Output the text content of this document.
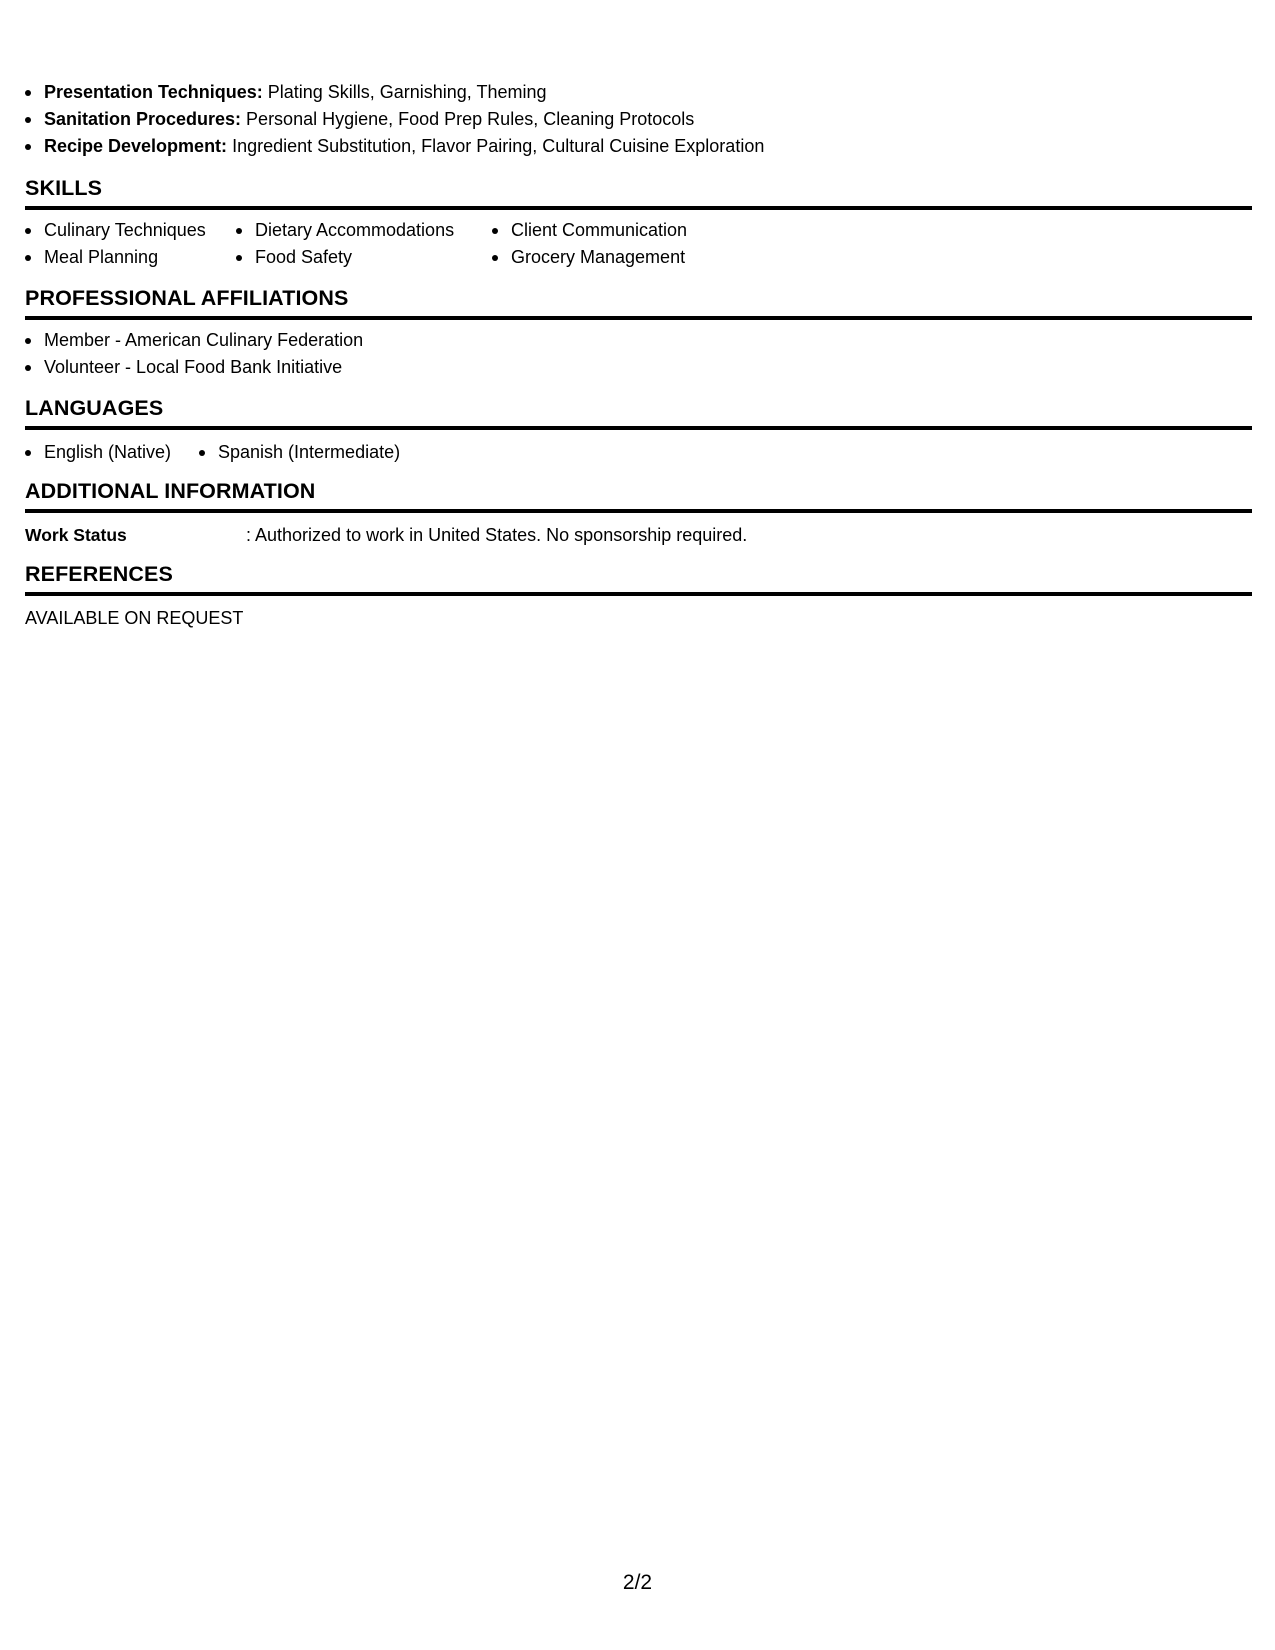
Presentation Techniques: Plating Skills, Garnishing, Theming
Sanitation Procedures: Personal Hygiene, Food Prep Rules, Cleaning Protocols
Recipe Development: Ingredient Substitution, Flavor Pairing, Cultural Cuisine Exploration
SKILLS
Culinary Techniques
Meal Planning
Dietary Accommodations
Food Safety
Client Communication
Grocery Management
PROFESSIONAL AFFILIATIONS
Member - American Culinary Federation
Volunteer - Local Food Bank Initiative
LANGUAGES
English (Native)	Spanish (Intermediate)
ADDITIONAL INFORMATION
Work Status	: Authorized to work in United States. No sponsorship required.
REFERENCES
AVAILABLE ON REQUEST
2/2
